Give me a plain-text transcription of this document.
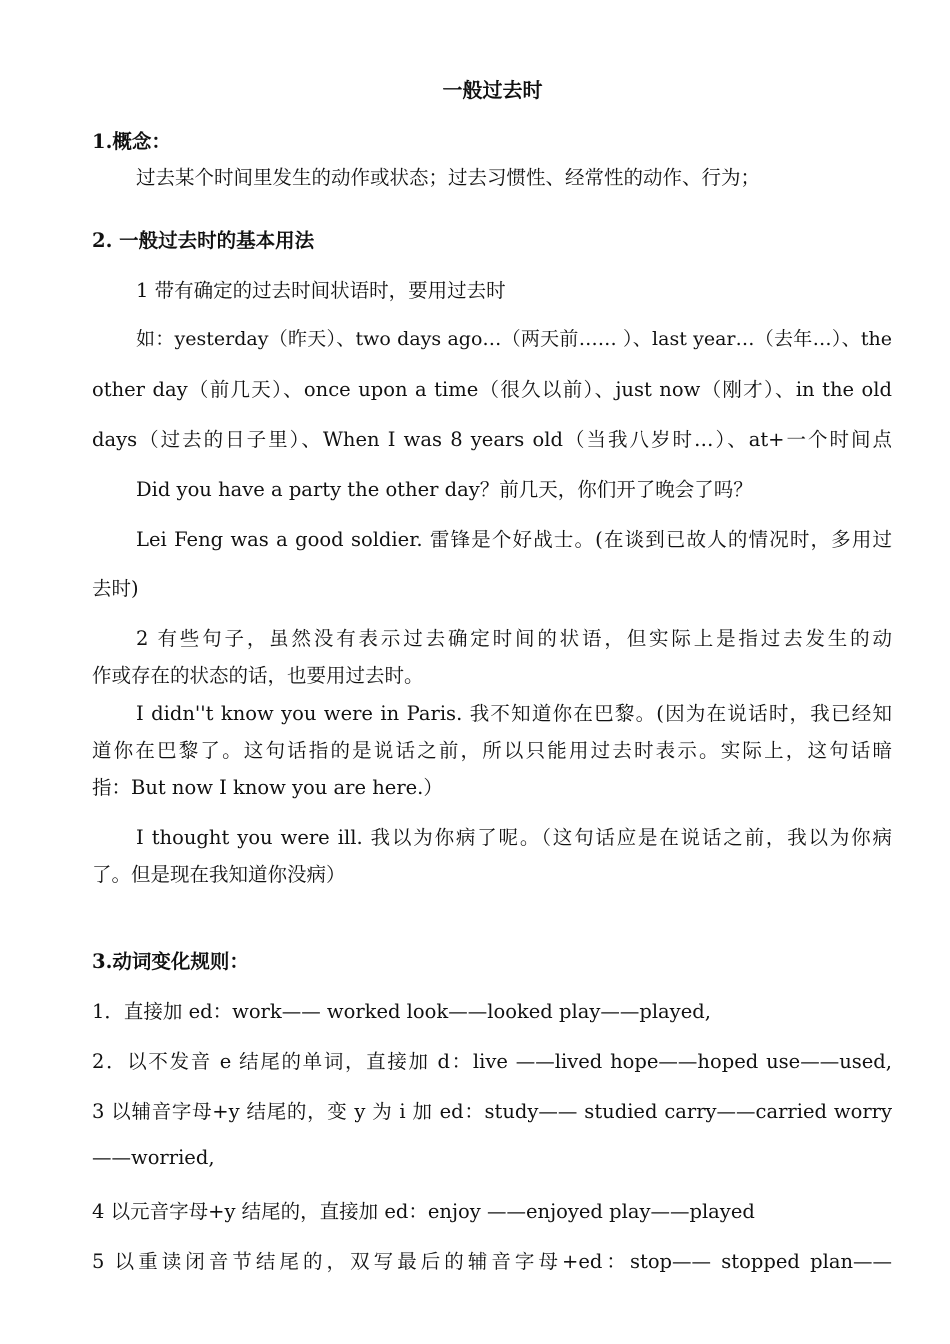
一般过去时
1.概念：
过去某个时间里发生的动作或状态；过去习惯性、经常性的动作、行为；
2. 一般过去时的基本用法
1 带有确定的过去时间状语时，要用过去时
如：yesterday（昨天）、two days ago…（两天前…… ）、last year…（去年…）、the
other day（前几天）、once upon a time（很久以前）、just now（刚才）、in the old
days（过去的日子里）、When I was 8 years old（当我八岁时…）、at+一个时间点
Did you have a party the other day？前几天，你们开了晚会了吗？
Lei Feng was a good soldier. 雷锋是个好战士。(在谈到已故人的情况时，多用过
去时)
2 有些句子，虽然没有表示过去确定时间的状语，但实际上是指过去发生的动
作或存在的状态的话，也要用过去时。
I didn''t know you were in Paris. 我不知道你在巴黎。(因为在说话时，我已经知
道你在巴黎了。这句话指的是说话之前，所以只能用过去时表示。实际上，这句话暗
指：But now I know you are here.）
I thought you were ill. 我以为你病了呢。（这句话应是在说话之前，我以为你病
了。但是现在我知道你没病）
3.动词变化规则：
1．直接加 ed：work—— worked look——looked play——played,
2．以不发音 e 结尾的单词，直接加 d：live ——lived hope——hoped use——used,
3 以辅音字母+y 结尾的，变 y 为 i 加 ed：study—— studied carry——carried worry
——worried,
4 以元音字母+y 结尾的，直接加 ed：enjoy ——enjoyed play——played
5 以重读闭音节结尾的，双写最后的辅音字母+ed：stop—— stopped plan——
